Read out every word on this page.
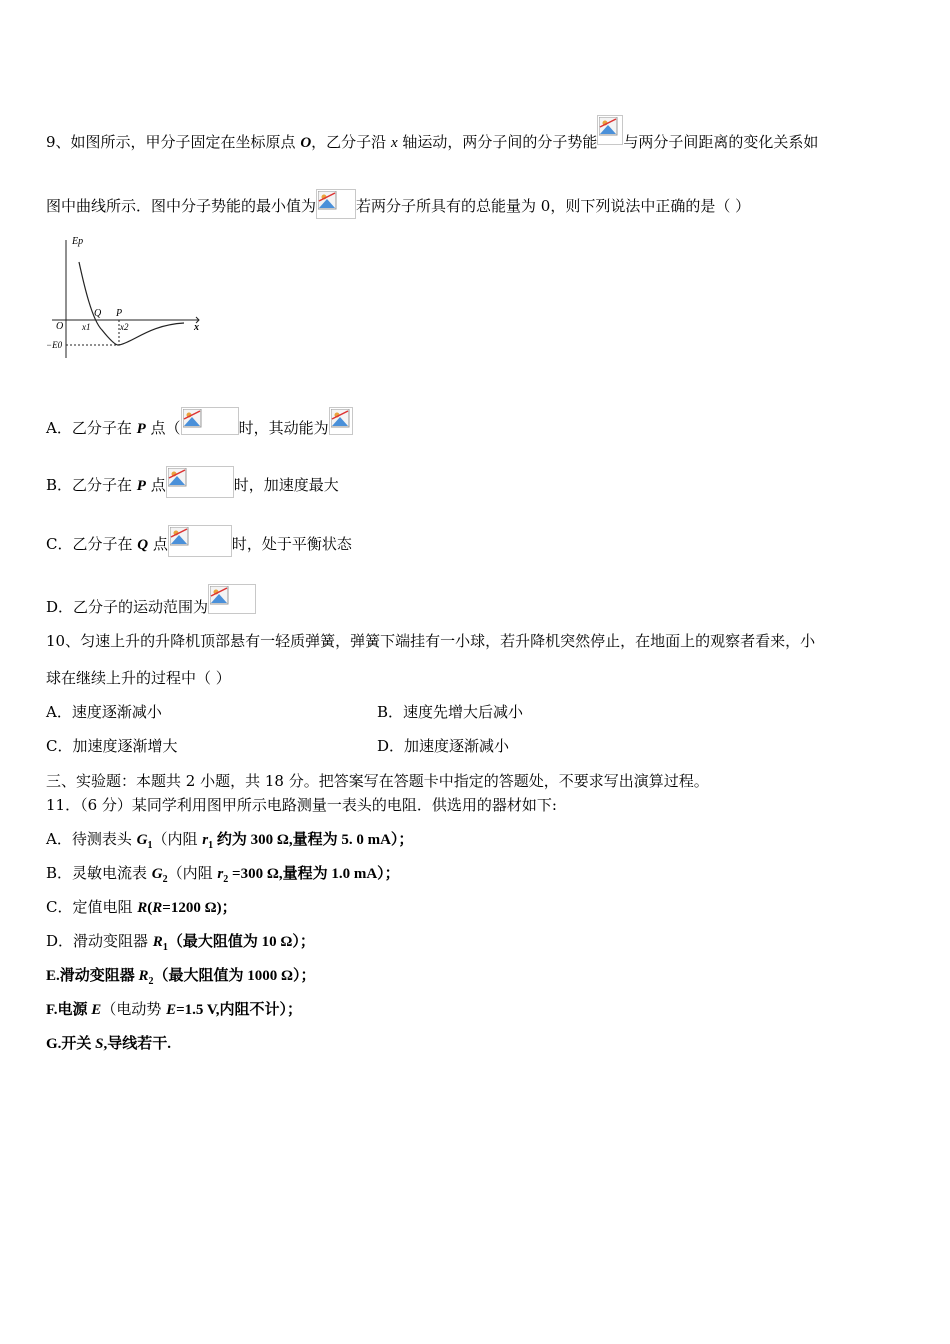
9、如图所示，甲分子固定在坐标原点 O，乙分子沿 x 轴运动，两分子间的分子势能 与两分子间距离的变化关系如
图中曲线所示．图中分子势能的最小值为	若两分子所具有的总能量为 0，则下列说法中正确的是（ ）
Ep
x
O
Q P
x1	x2
−E0
A．乙分子在 P 点（	时，其动能为
B．乙分子在 P 点	时，加速度最大
C．乙分子在 Q 点	时，处于平衡状态
D．乙分子的运动范围为
10、匀速上升的升降机顶部悬有一轻质弹簧，弹簧下端挂有一小球，若升降机突然停止，在地面上的观察者看来，小
球在继续上升的过程中（ ）
A．速度逐渐减小	B．速度先增大后减小
C．加速度逐渐增大	D．加速度逐渐减小
三、实验题：本题共 2 小题，共 18 分。把答案写在答题卡中指定的答题处，不要求写出演算过程。
11．（6 分）某同学利用图甲所示电路测量一表头的电阻．供选用的器材如下:
A．待测表头 $G_1$（内阻 $r_1$ 约为 300 Ω,量程为 5. 0 mA）；
B．灵敏电流表 $G_2$（内阻 $r_2 =300$ Ω,量程为 1.0 mA）；
C．定值电阻 R(R=1200 Ω)；
D．滑动变阻器 $R_1$（最大阻值为 10 Ω）；
E.滑动变阻器 $R_2$（最大阻值为 1000 Ω）；
F.电源 E（电动势 E=1.5 V,内阻不计）；
G.开关 S,导线若干.
